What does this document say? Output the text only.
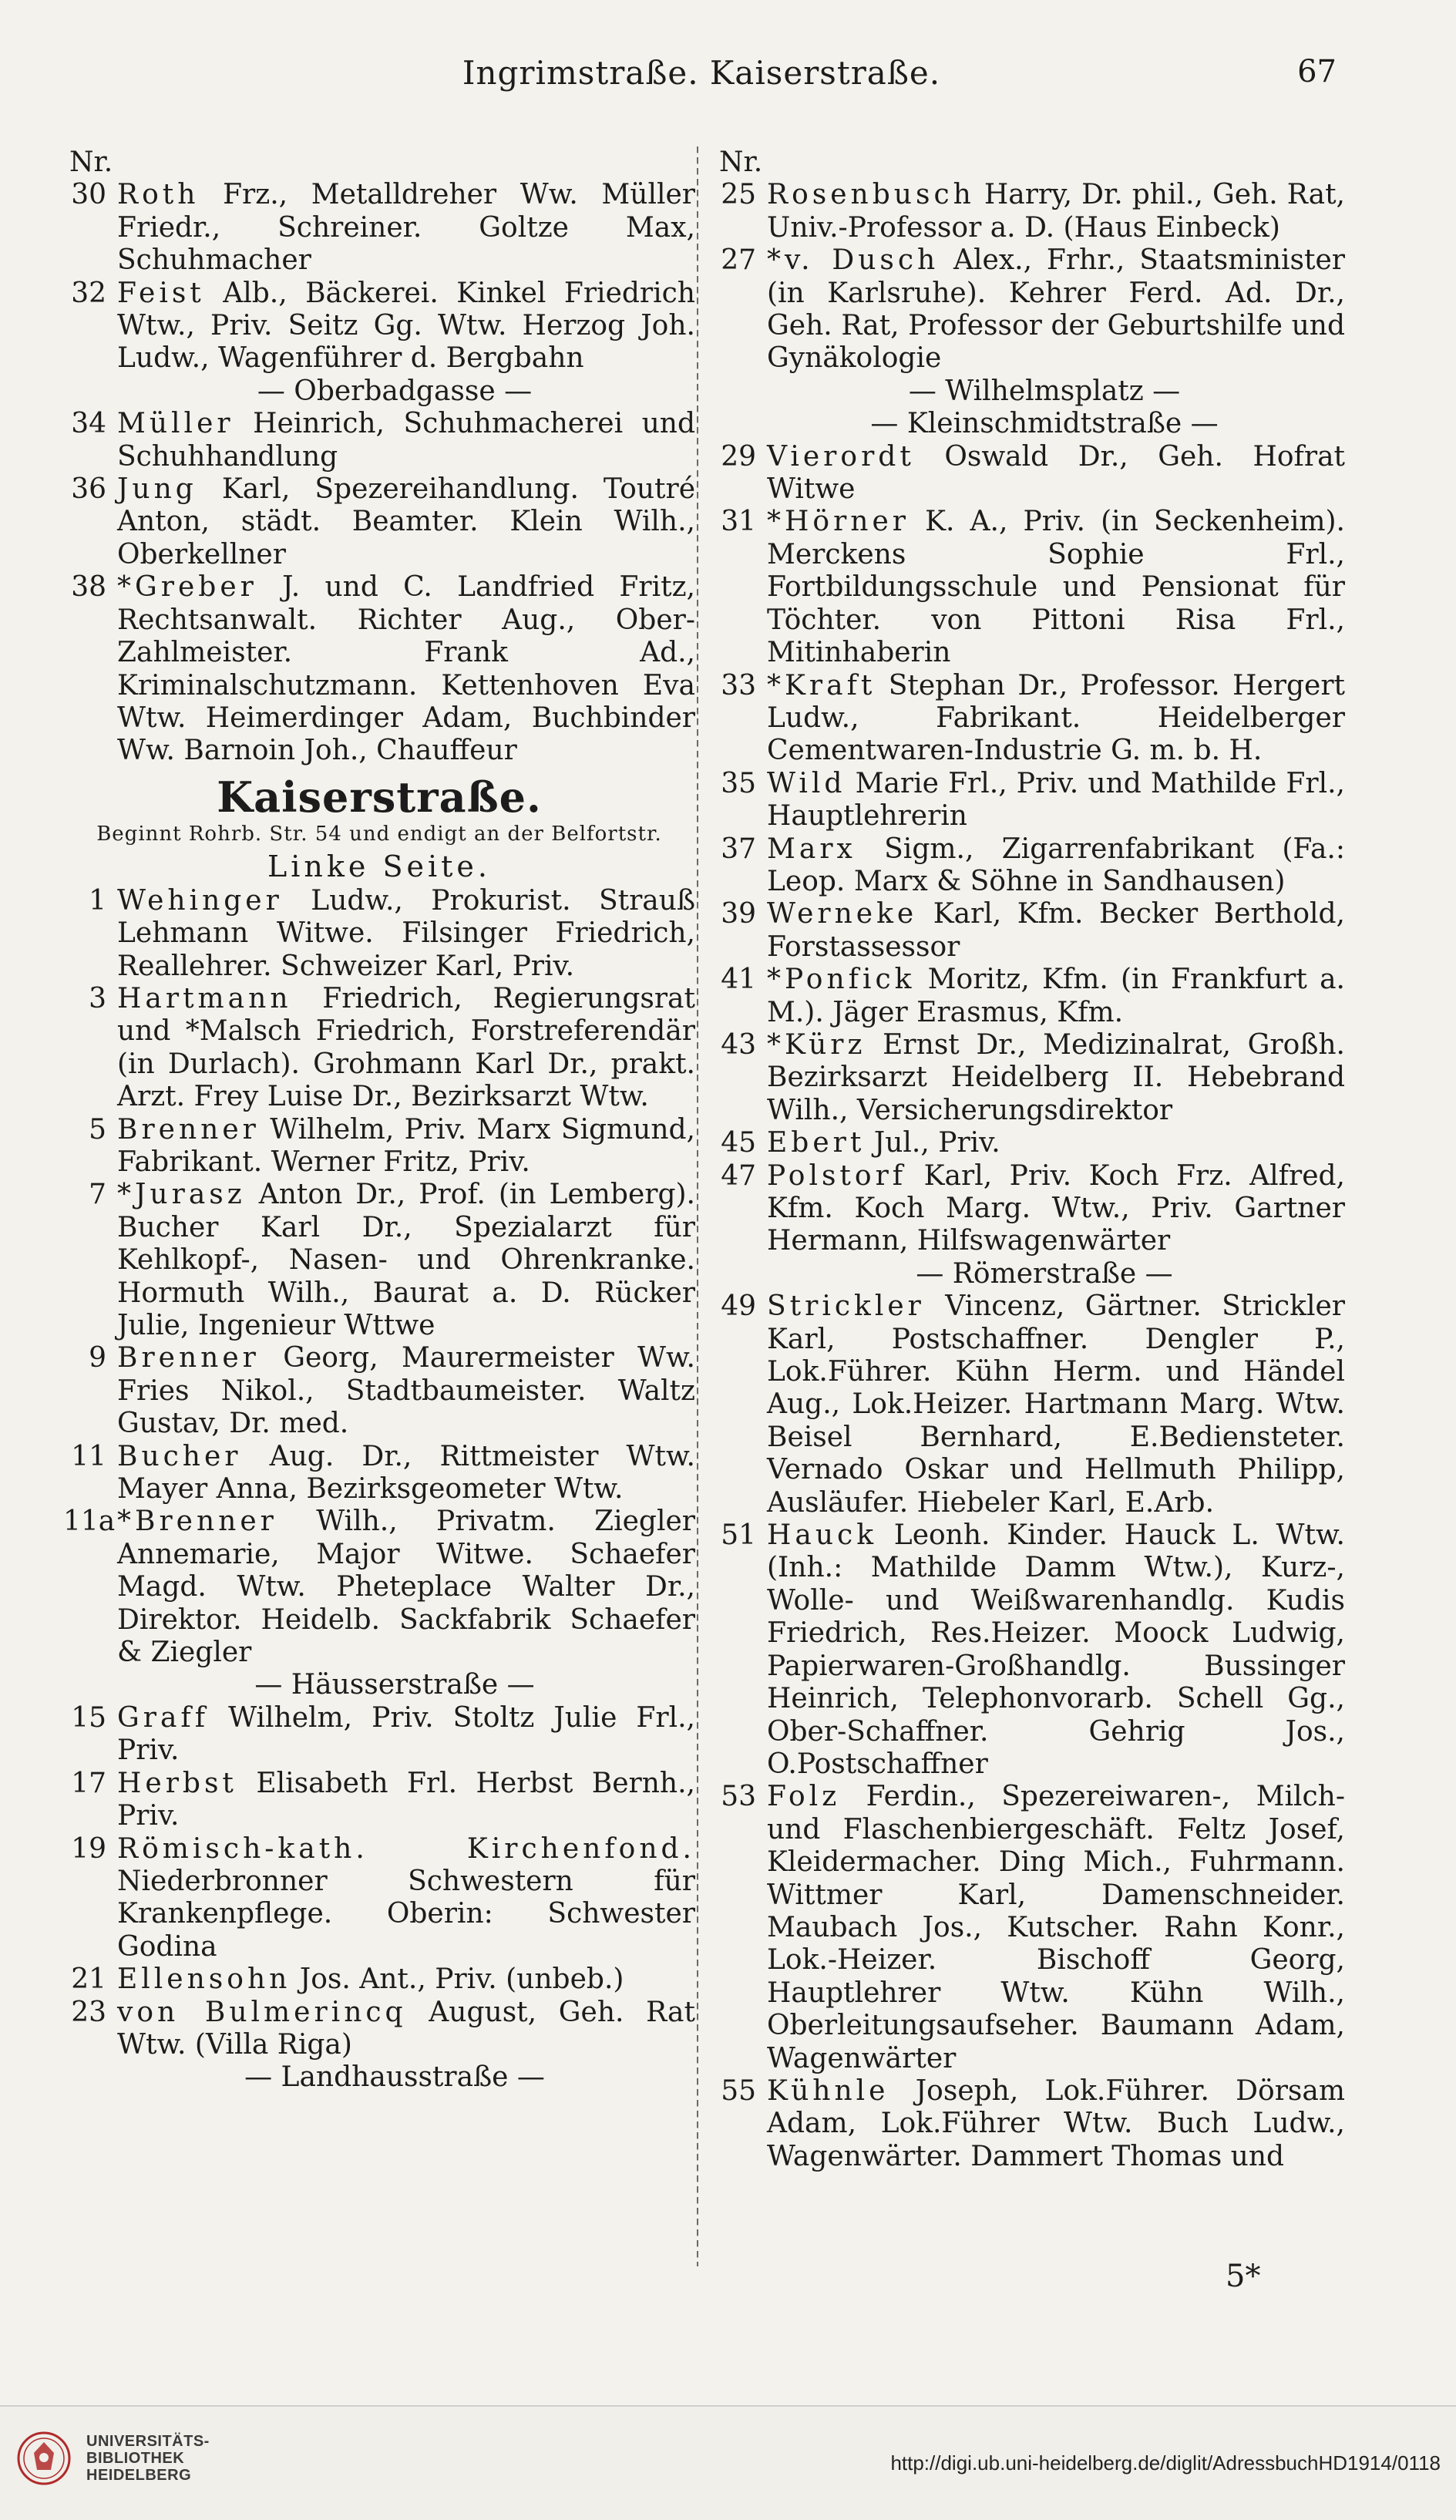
Ingrimstraße. Kaiserstraße.	67
Nr.
30 Roth Frz., Metalldreher Ww. Müller Friedr., Schreiner. Goltze Max, Schuhmacher
32 Feist Alb., Bäckerei. Kinkel Friedrich Wtw., Priv. Seitz Gg. Wtw. Herzog Joh. Ludw., Wagenführer d. Bergbahn
— Oberbadgasse —
34 Müller Heinrich, Schuhmacherei und Schuhhandlung
36 Jung Karl, Spezereihandlung. Toutré Anton, städt. Beamter. Klein Wilh., Oberkellner
38 *Greber J. und C. Landfried Fritz, Rechtsanwalt. Richter Aug., Ober-Zahlmeister. Frank Ad., Kriminalschutzmann. Kettenhoven Eva Wtw. Heimerdinger Adam, Buchbinder Ww. Barnoin Joh., Chauffeur
Kaiserstraße.
Beginnt Rohrb. Str. 54 und endigt an der Belfortstr.
Linke Seite.
1 Wehinger Ludw., Prokurist. Strauß Lehmann Witwe. Filsinger Friedrich, Reallehrer. Schweizer Karl, Priv.
3 Hartmann Friedrich, Regierungsrat und *Malsch Friedrich, Forstreferendär (in Durlach). Grohmann Karl Dr., prakt. Arzt. Frey Luise Dr., Bezirksarzt Wtw.
5 Brenner Wilhelm, Priv. Marx Sigmund, Fabrikant. Werner Fritz, Priv.
7 *Jurasz Anton Dr., Prof. (in Lemberg). Bucher Karl Dr., Spezialarzt für Kehlkopf-, Nasen- und Ohrenkranke. Hormuth Wilh., Baurat a. D. Rücker Julie, Ingenieur Wttwe
9 Brenner Georg, Maurermeister Ww. Fries Nikol., Stadtbaumeister. Waltz Gustav, Dr. med.
11 Bucher Aug. Dr., Rittmeister Wtw. Mayer Anna, Bezirksgeometer Wtw.
11a *Brenner Wilh., Privatm. Ziegler Annemarie, Major Witwe. Schaefer Magd. Wtw. Pheteplace Walter Dr., Direktor. Heidelb. Sackfabrik Schaefer & Ziegler
— Häusserstraße —
15 Graff Wilhelm, Priv. Stoltz Julie Frl., Priv.
17 Herbst Elisabeth Frl. Herbst Bernh., Priv.
19 Römisch-kath. Kirchenfond. Niederbronner Schwestern für Krankenpflege. Oberin: Schwester Godina
21 Ellensohn Jos. Ant., Priv. (unbeb.)
23 von Bulmerincq August, Geh. Rat Wtw. (Villa Riga)
— Landhausstraße —
Nr.
25 Rosenbusch Harry, Dr. phil., Geh. Rat, Univ.-Professor a. D. (Haus Einbeck)
27 *v. Dusch Alex., Frhr., Staatsminister (in Karlsruhe). Kehrer Ferd. Ad. Dr., Geh. Rat, Professor der Geburtshilfe und Gynäkologie
— Wilhelmsplatz —
— Kleinschmidtstraße —
29 Vierordt Oswald Dr., Geh. Hofrat Witwe
31 *Hörner K. A., Priv. (in Seckenheim). Merckens Sophie Frl., Fortbildungsschule und Pensionat für Töchter. von Pittoni Risa Frl., Mitinhaberin
33 *Kraft Stephan Dr., Professor. Hergert Ludw., Fabrikant. Heidelberger Cementwaren-Industrie G. m. b. H.
35 Wild Marie Frl., Priv. und Mathilde Frl., Hauptlehrerin
37 Marx Sigm., Zigarrenfabrikant (Fa.: Leop. Marx & Söhne in Sandhausen)
39 Werneke Karl, Kfm. Becker Berthold, Forstassessor
41 *Ponfick Moritz, Kfm. (in Frankfurt a. M.). Jäger Erasmus, Kfm.
43 *Kürz Ernst Dr., Medizinalrat, Großh. Bezirksarzt Heidelberg II. Hebebrand Wilh., Versicherungsdirektor
45 Ebert Jul., Priv.
47 Polstorf Karl, Priv. Koch Frz. Alfred, Kfm. Koch Marg. Wtw., Priv. Gartner Hermann, Hilfswagenwärter
— Römerstraße —
49 Strickler Vincenz, Gärtner. Strickler Karl, Postschaffner. Dengler P., Lok.Führer. Kühn Herm. und Händel Aug., Lok.Heizer. Hartmann Marg. Wtw. Beisel Bernhard, E.Bediensteter. Vernado Oskar und Hellmuth Philipp, Ausläufer. Hiebeler Karl, E.Arb.
51 Hauck Leonh. Kinder. Hauck L. Wtw. (Inh.: Mathilde Damm Wtw.), Kurz-, Wolle- und Weißwarenhandlg. Kudis Friedrich, Res.Heizer. Moock Ludwig, Papierwaren-Großhandlg. Bussinger Heinrich, Telephonvorarb. Schell Gg., Ober-Schaffner. Gehrig Jos., O.Postschaffner
53 Folz Ferdin., Spezereiwaren-, Milch- und Flaschenbiergeschäft. Feltz Josef, Kleidermacher. Ding Mich., Fuhrmann. Wittmer Karl, Damenschneider. Maubach Jos., Kutscher. Rahn Konr., Lok.-Heizer. Bischoff Georg, Hauptlehrer Wtw. Kühn Wilh., Oberleitungsaufseher. Baumann Adam, Wagenwärter
55 Kühnle Joseph, Lok.Führer. Dörsam Adam, Lok.Führer Wtw. Buch Ludw., Wagenwärter. Dammert Thomas und
5*
UNIVERSITÄTS-
BIBLIOTHEK
HEIDELBERG
http://digi.ub.uni-heidelberg.de/diglit/AdressbuchHD1914/0118
